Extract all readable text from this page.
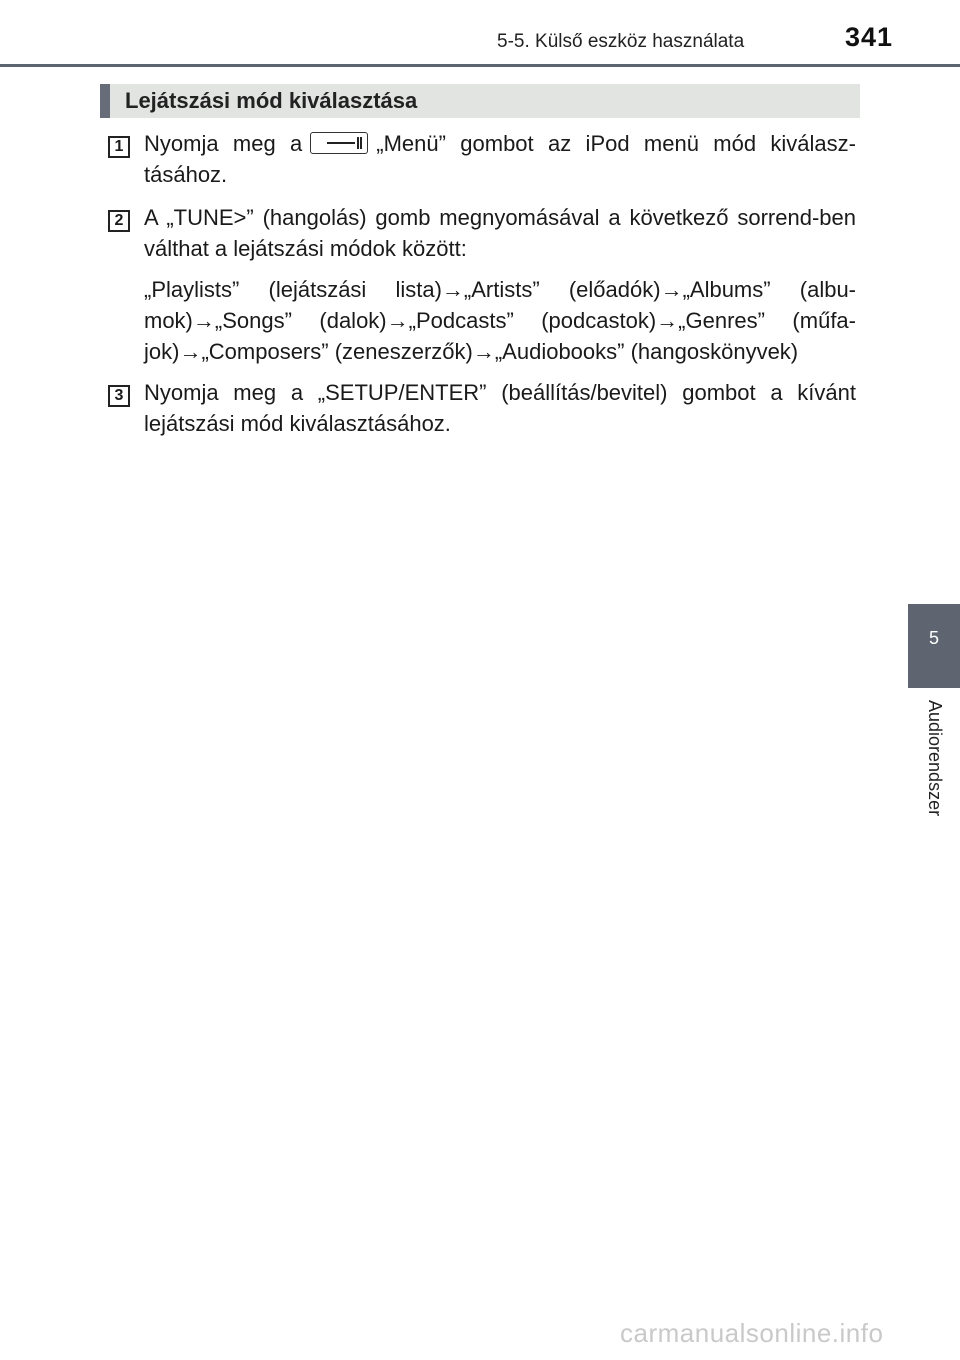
5-5. Külső eszköz használata	341
Lejátszási mód kiválasztása
1 Nyomja meg a	„Menü” gombot az iPod menü mód kiválasz-tásához.
2 A „TUNE>” (hangolás) gomb megnyomásával a következő sorrend-ben válthat a lejátszási módok között:
„Playlists” (lejátszási lista)→„Artists” (előadók)→„Albums” (albu-mok)→„Songs” (dalok)→„Podcasts” (podcastok)→„Genres” (műfa-jok)→„Composers” (zeneszerzők)→„Audiobooks” (hangoskönyvek)
3 Nyomja meg a „SETUP/ENTER” (beállítás/bevitel) gombot a kívánt lejátszási mód kiválasztásához.
5
Audiorendszer
carmanualsonline.info
